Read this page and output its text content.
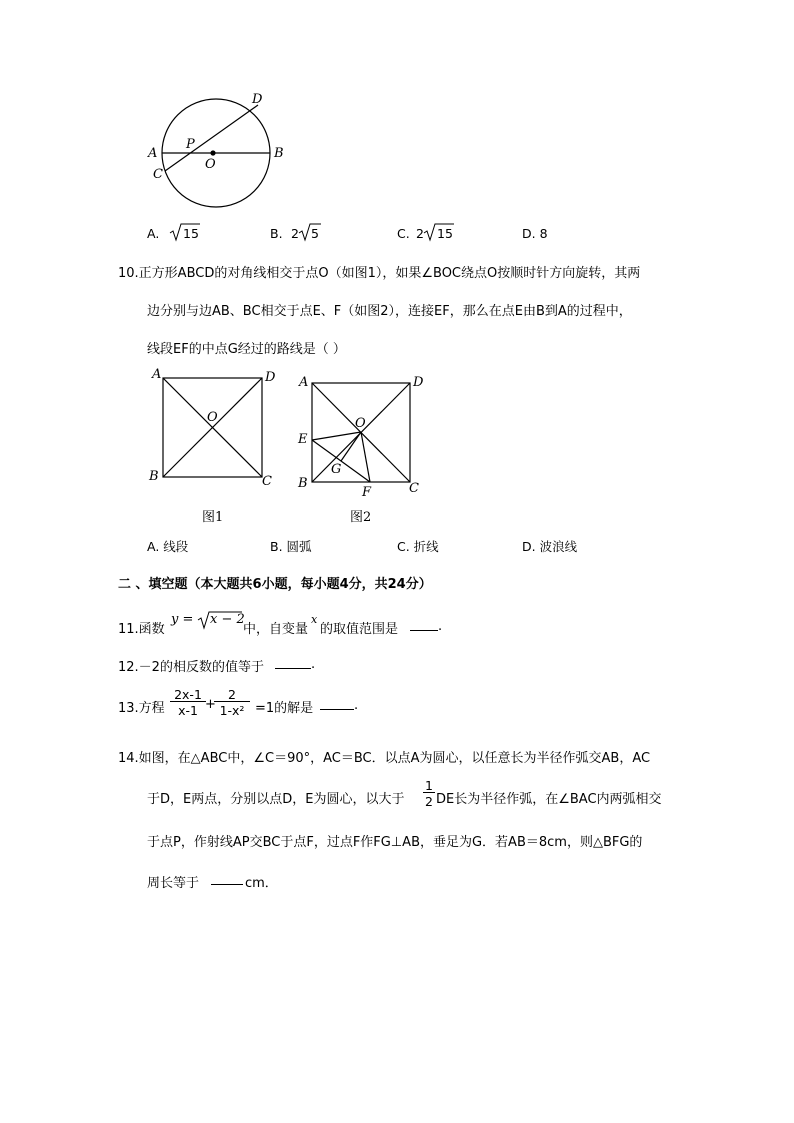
D
A	B
P
O
C
A. 15	B. 2 5	C. 2 15	D. 8
10.正方形ABCD的对角线相交于点O（如图1），如果∠BOC绕点O按顺时针方向旋转，其两
边分别与边AB、BC相交于点E、F（如图2），连接EF，那么在点E由B到A的过程中，
线段EF的中点G经过的路线是（ ）
A	D
O
B	C
图1
A	D
O
E
G
B
F	C
图2
A. 线段	B. 圆弧	C. 折线	D. 波浪线
二 、填空题（本大题共6小题，每小题4分，共24分）
11.函数
y = x − 2
中，自变量
x
的取值范围是	.
12.－2的相反数的值等于	.
13.方程 $\frac{2x-1}{x-1}$ +
$\frac{2}{\text{1-x²}} =1$的解是	.
14.如图，在△ABC中，∠C＝90°，AC＝BC．以点A为圆心，以任意长为半径作弧交AB，AC
于D，E两点，分别以点D，E为圆心，以大于 $\frac{1}{2}$ DE长为半径作弧，在∠BAC内两弧相交
于点P，作射线AP交BC于点F，过点F作FG⊥AB，垂足为G．若AB＝8cm，则△BFG的
周长等于	cm．
